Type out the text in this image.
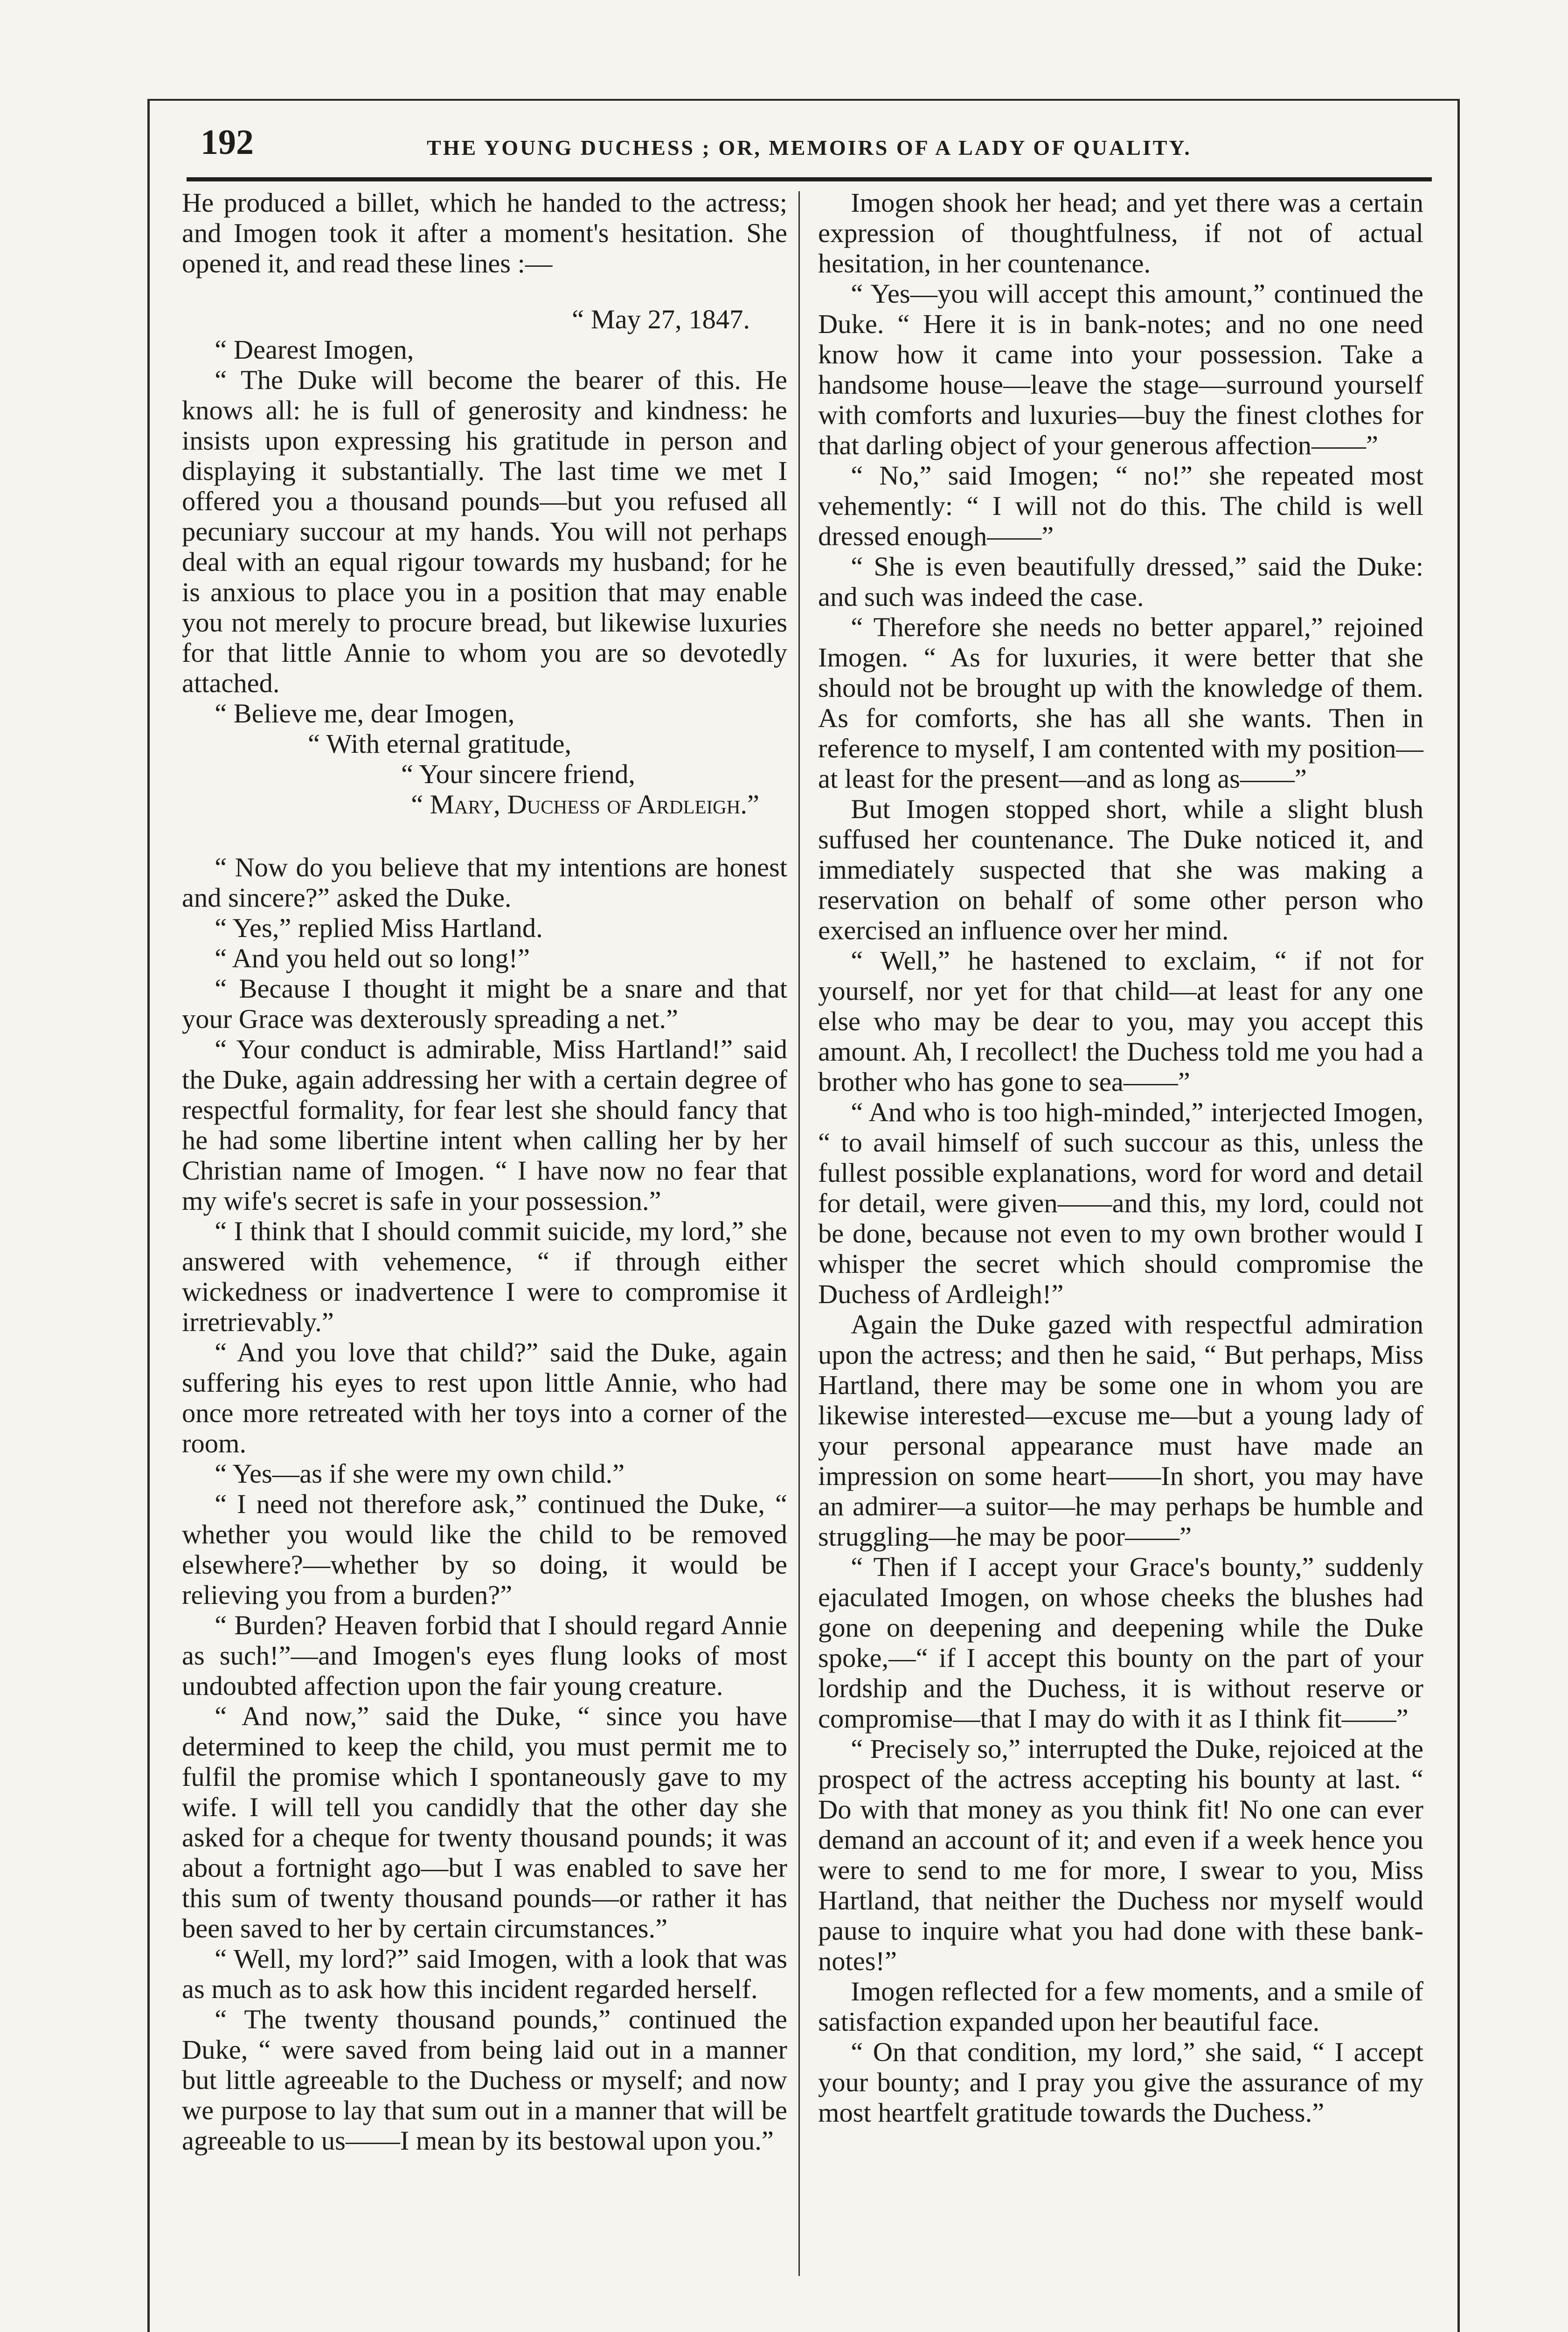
192	THE YOUNG DUCHESS ; OR, MEMOIRS OF A LADY OF QUALITY.

He produced a billet, which he handed to the actress; and Imogen took it after a moment's hesitation. She opened it, and read these lines :—

“ May 27, 1847.

“ Dearest Imogen,

“ The Duke will become the bearer of this. He knows all: he is full of generosity and kindness: he insists upon expressing his gratitude in person and displaying it substantially. The last time we met I offered you a thousand pounds—but you refused all pecuniary succour at my hands. You will not perhaps deal with an equal rigour towards my husband; for he is anxious to place you in a position that may enable you not merely to procure bread, but likewise luxuries for that little Annie to whom you are so devotedly attached.

“ Believe me, dear Imogen,

“ With eternal gratitude,

“ Your sincere friend,

“ Mary, Duchess of Ardleigh.”

“ Now do you believe that my intentions are honest and sincere?” asked the Duke.

“ Yes,” replied Miss Hartland.

“ And you held out so long!”

“ Because I thought it might be a snare and that your Grace was dexterously spreading a net.”

“ Your conduct is admirable, Miss Hartland!” said the Duke, again addressing her with a certain degree of respectful formality, for fear lest she should fancy that he had some libertine intent when calling her by her Christian name of Imogen. “ I have now no fear that my wife's secret is safe in your possession.”

“ I think that I should commit suicide, my lord,” she answered with vehemence, “ if through either wickedness or inadvertence I were to compromise it irretrievably.”

“ And you love that child?” said the Duke, again suffering his eyes to rest upon little Annie, who had once more retreated with her toys into a corner of the room.

“ Yes—as if she were my own child.”

“ I need not therefore ask,” continued the Duke, “ whether you would like the child to be removed elsewhere?—whether by so doing, it would be relieving you from a burden?”

“ Burden? Heaven forbid that I should regard Annie as such!”—and Imogen's eyes flung looks of most undoubted affection upon the fair young creature.

“ And now,” said the Duke, “ since you have determined to keep the child, you must permit me to fulfil the promise which I spontaneously gave to my wife. I will tell you candidly that the other day she asked for a cheque for twenty thousand pounds; it was about a fortnight ago—but I was enabled to save her this sum of twenty thousand pounds—or rather it has been saved to her by certain circumstances.”

“ Well, my lord?” said Imogen, with a look that was as much as to ask how this incident regarded herself.

“ The twenty thousand pounds,” continued the Duke, “ were saved from being laid out in a manner but little agreeable to the Duchess or myself; and now we purpose to lay that sum out in a manner that will be agreeable to us——I mean by its bestowal upon you.”

Imogen shook her head; and yet there was a certain expression of thoughtfulness, if not of actual hesitation, in her countenance.

“ Yes—you will accept this amount,” continued the Duke. “ Here it is in bank-notes; and no one need know how it came into your possession. Take a handsome house—leave the stage—surround yourself with comforts and luxuries—buy the finest clothes for that darling object of your generous affection——”

“ No,” said Imogen; “ no!” she repeated most vehemently: “ I will not do this. The child is well dressed enough——”

“ She is even beautifully dressed,” said the Duke: and such was indeed the case.

“ Therefore she needs no better apparel,” rejoined Imogen. “ As for luxuries, it were better that she should not be brought up with the knowledge of them. As for comforts, she has all she wants. Then in reference to myself, I am contented with my position—at least for the present—and as long as——”

But Imogen stopped short, while a slight blush suffused her countenance. The Duke noticed it, and immediately suspected that she was making a reservation on behalf of some other person who exercised an influence over her mind.

“ Well,” he hastened to exclaim, “ if not for yourself, nor yet for that child—at least for any one else who may be dear to you, may you accept this amount. Ah, I recollect! the Duchess told me you had a brother who has gone to sea——”

“ And who is too high-minded,” interjected Imogen, “ to avail himself of such succour as this, unless the fullest possible explanations, word for word and detail for detail, were given——and this, my lord, could not be done, because not even to my own brother would I whisper the secret which should compromise the Duchess of Ardleigh!”

Again the Duke gazed with respectful admiration upon the actress; and then he said, “ But perhaps, Miss Hartland, there may be some one in whom you are likewise interested—excuse me—but a young lady of your personal appearance must have made an impression on some heart——In short, you may have an admirer—a suitor—he may perhaps be humble and struggling—he may be poor——”

“ Then if I accept your Grace's bounty,” suddenly ejaculated Imogen, on whose cheeks the blushes had gone on deepening and deepening while the Duke spoke,—“ if I accept this bounty on the part of your lordship and the Duchess, it is without reserve or compromise—that I may do with it as I think fit——”

“ Precisely so,” interrupted the Duke, rejoiced at the prospect of the actress accepting his bounty at last. “ Do with that money as you think fit! No one can ever demand an account of it; and even if a week hence you were to send to me for more, I swear to you, Miss Hartland, that neither the Duchess nor myself would pause to inquire what you had done with these bank-notes!”

Imogen reflected for a few moments, and a smile of satisfaction expanded upon her beautiful face.

“ On that condition, my lord,” she said, “ I accept your bounty; and I pray you give the assurance of my most heartfelt gratitude towards the Duchess.”
